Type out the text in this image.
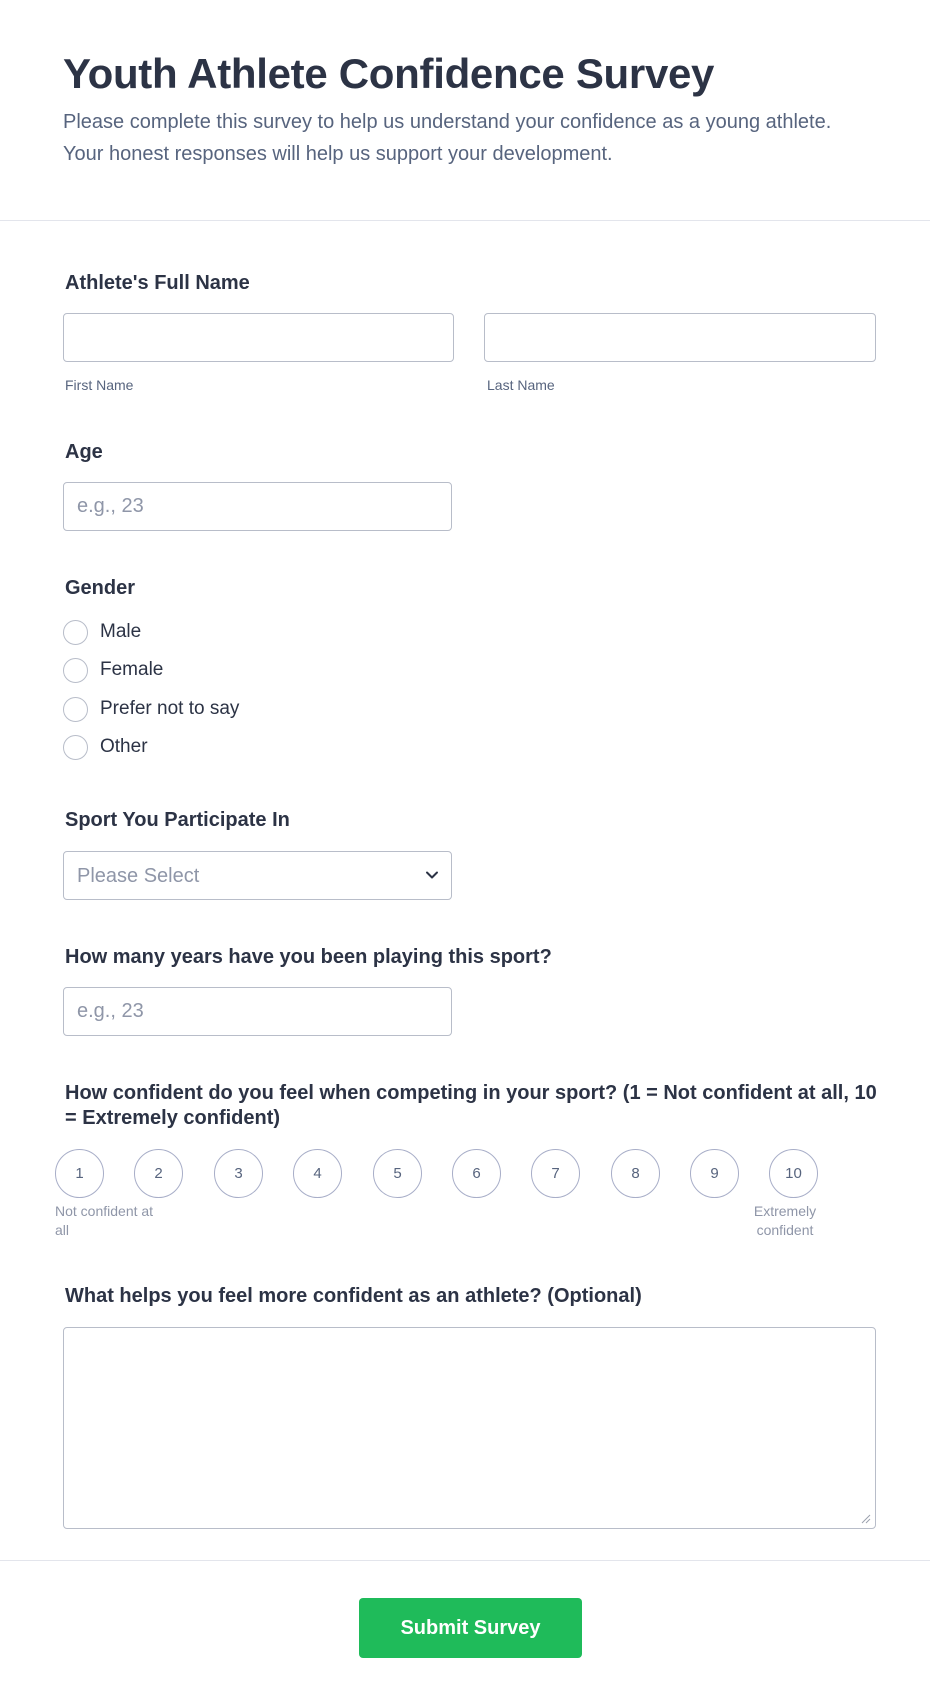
Youth Athlete Confidence Survey

Please complete this survey to help us understand your confidence as a young athlete. Your honest responses will help us support your development.

Athlete's Full Name
First Name	Last Name
Age
e.g., 23
Gender
Male
Female
Prefer not to say
Other
Sport You Participate In
Please Select
How many years have you been playing this sport?
e.g., 23
How confident do you feel when competing in your sport? (1 = Not confident at all, 10
= Extremely confident)
1	2	3	4	5	6	7	8	9	10
Not confident at
all
Extremely
confident
What helps you feel more confident as an athlete? (Optional)
Submit Survey
